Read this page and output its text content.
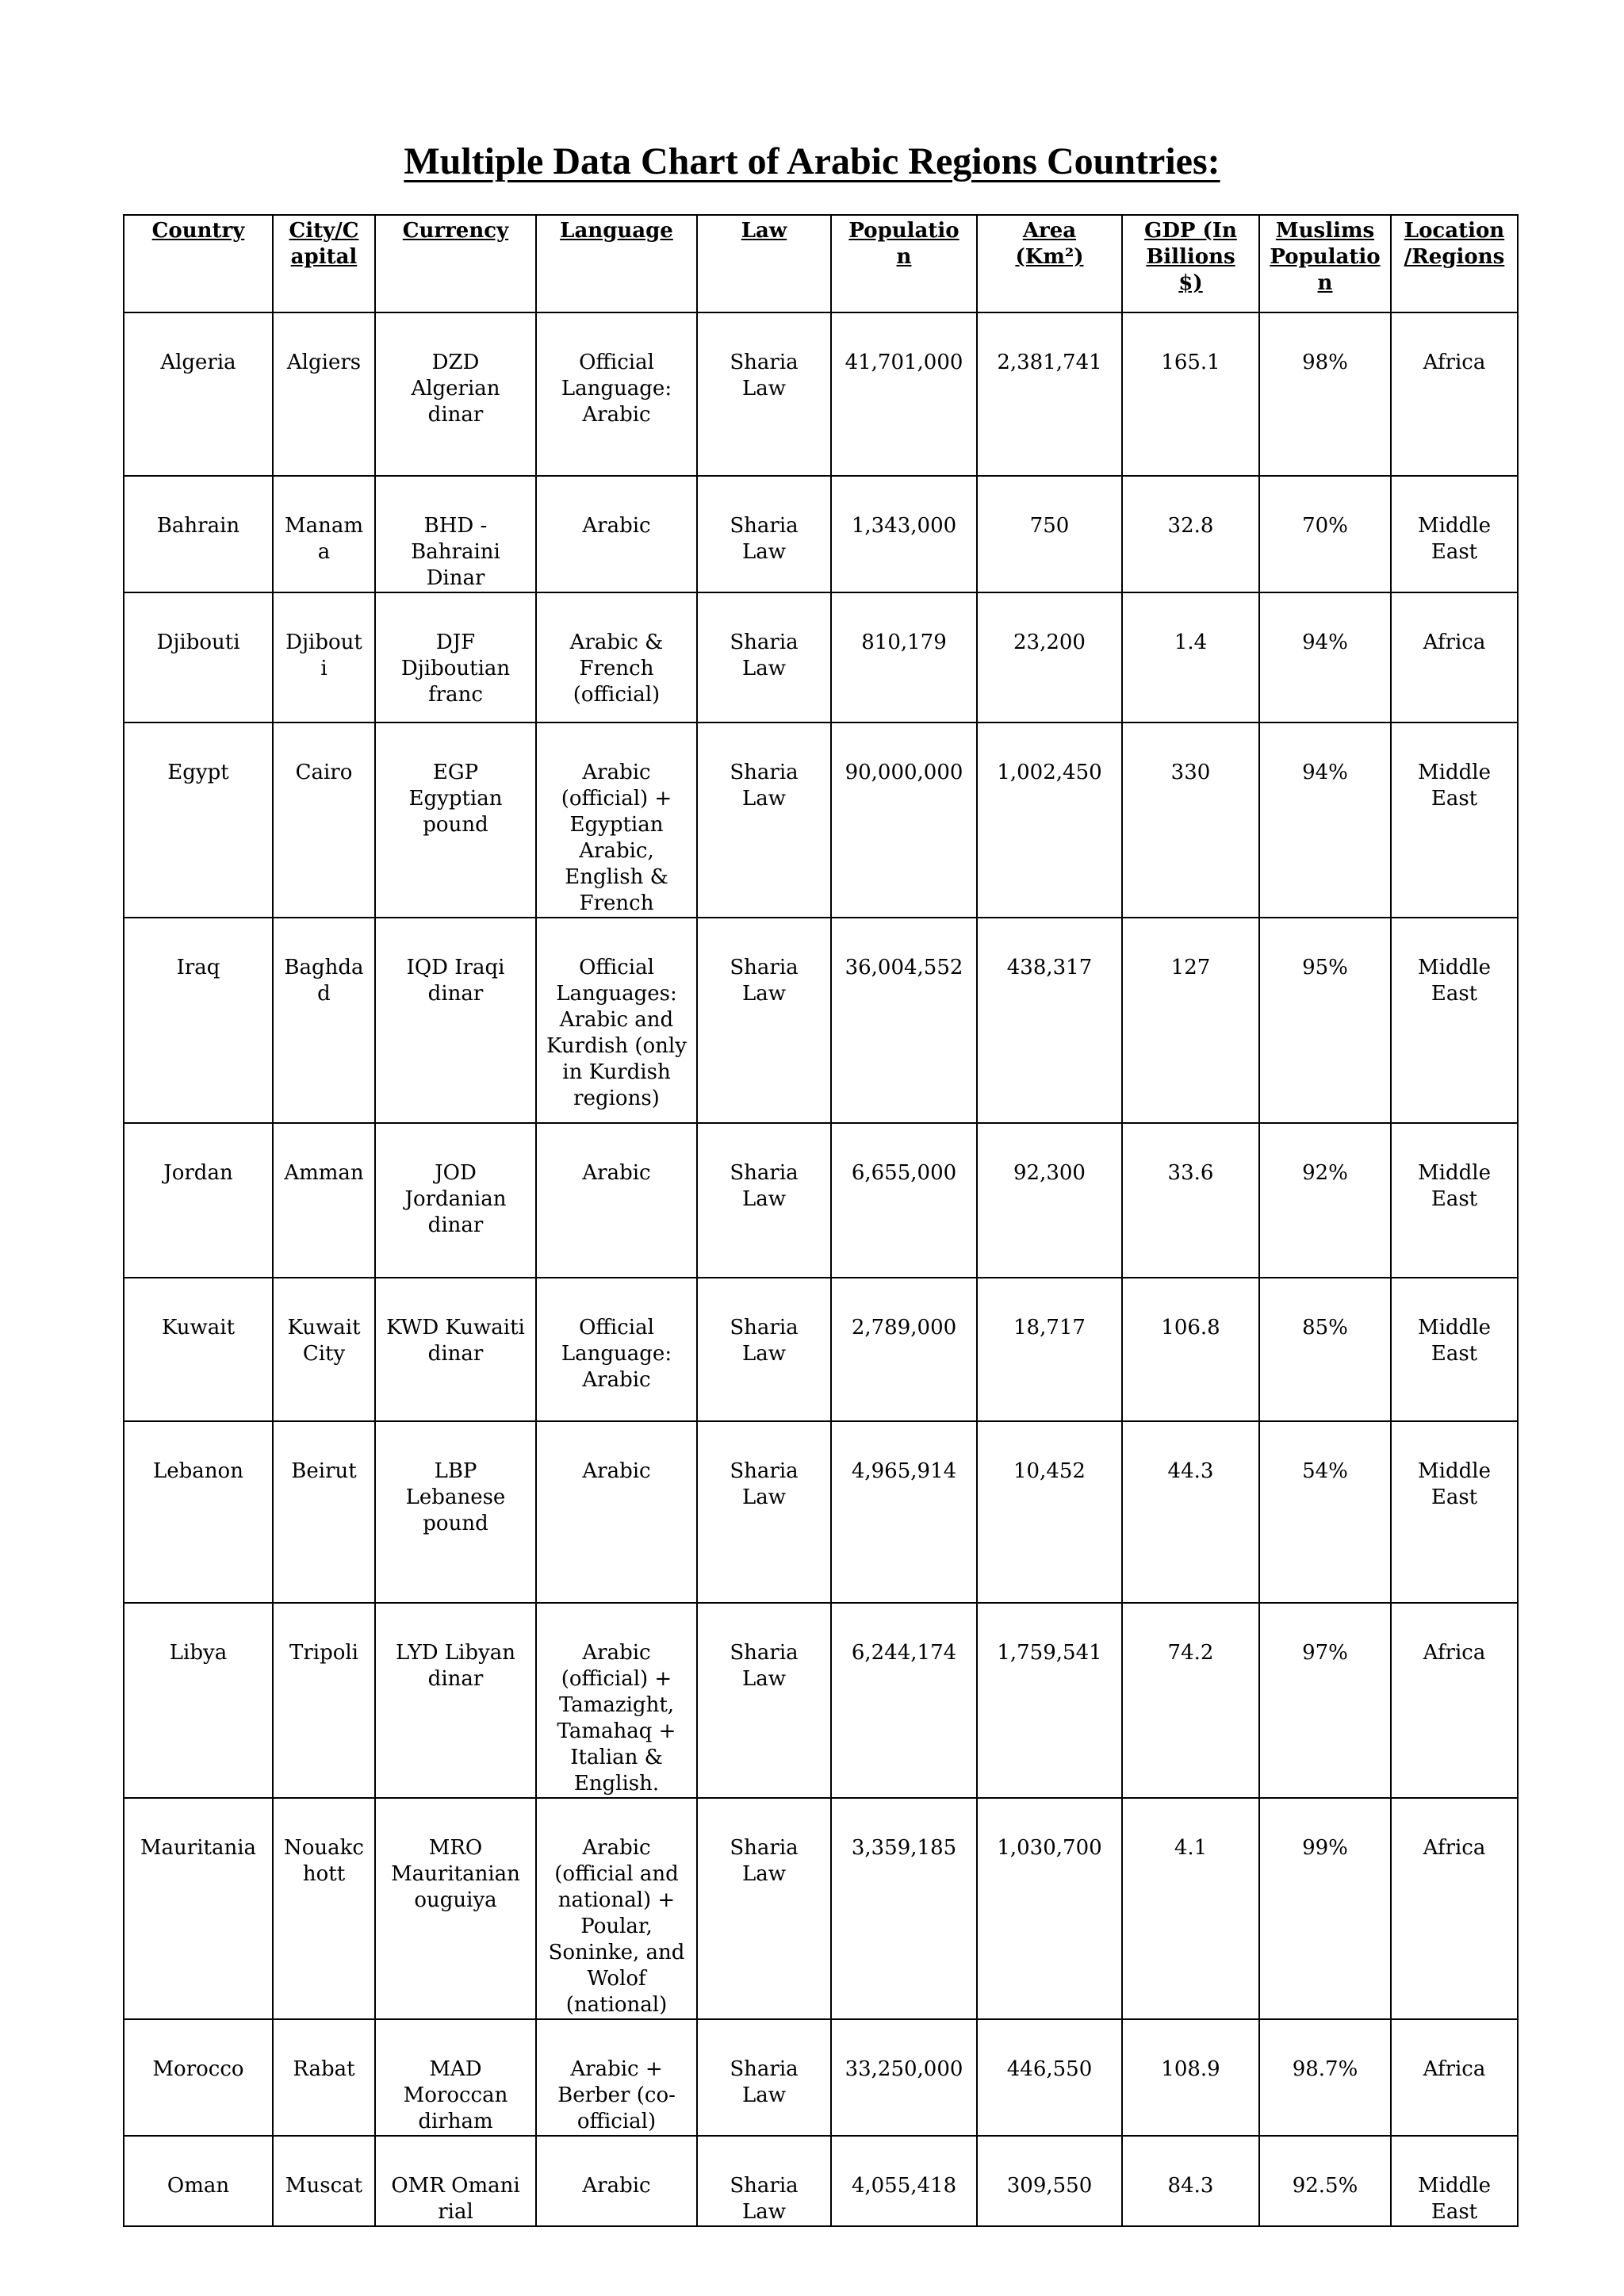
Multiple Data Chart of Arabic Regions Countries:
Country	City/Capital	Currency	Language	Law	Population	Area (Km²)	GDP (In Billions $)	Muslims Population	Location /Regions

Algeria	Algiers	DZD Algerian dinar	Official Language: Arabic	Sharia Law	41,701,000	2,381,741	165.1	98%	Africa

Bahrain	Manama	BHD - Bahraini Dinar	Arabic	Sharia Law	1,343,000	750	32.8	70%	Middle East

Djibouti	Djibouti	DJF Djiboutian franc	Arabic & French (official)	Sharia Law	810,179	23,200	1.4	94%	Africa

Egypt	Cairo	EGP Egyptian pound	Arabic (official) + Egyptian Arabic, English & French	Sharia Law	90,000,000	1,002,450	330	94%	Middle East

Iraq	Baghdad	IQD Iraqi dinar	Official Languages: Arabic and Kurdish (only in Kurdish regions)	Sharia Law	36,004,552	438,317	127	95%	Middle East

Jordan	Amman	JOD Jordanian dinar	Arabic	Sharia Law	6,655,000	92,300	33.6	92%	Middle East

Kuwait	Kuwait City	KWD Kuwaiti dinar	Official Language: Arabic	Sharia Law	2,789,000	18,717	106.8	85%	Middle East

Lebanon	Beirut	LBP Lebanese pound	Arabic	Sharia Law	4,965,914	10,452	44.3	54%	Middle East

Libya	Tripoli	LYD Libyan dinar	Arabic (official) + Tamazight, Tamahaq + Italian & English.	Sharia Law	6,244,174	1,759,541	74.2	97%	Africa

Mauritania	Nouakchott	MRO Mauritanian ouguiya	Arabic (official and national) + Poular, Soninke, and Wolof (national)	Sharia Law	3,359,185	1,030,700	4.1	99%	Africa

Morocco	Rabat	MAD Moroccan dirham	Arabic + Berber (co-official)	Sharia Law	33,250,000	446,550	108.9	98.7%	Africa

Oman	Muscat	OMR Omani rial	Arabic	Sharia Law	4,055,418	309,550	84.3	92.5%	Middle East
